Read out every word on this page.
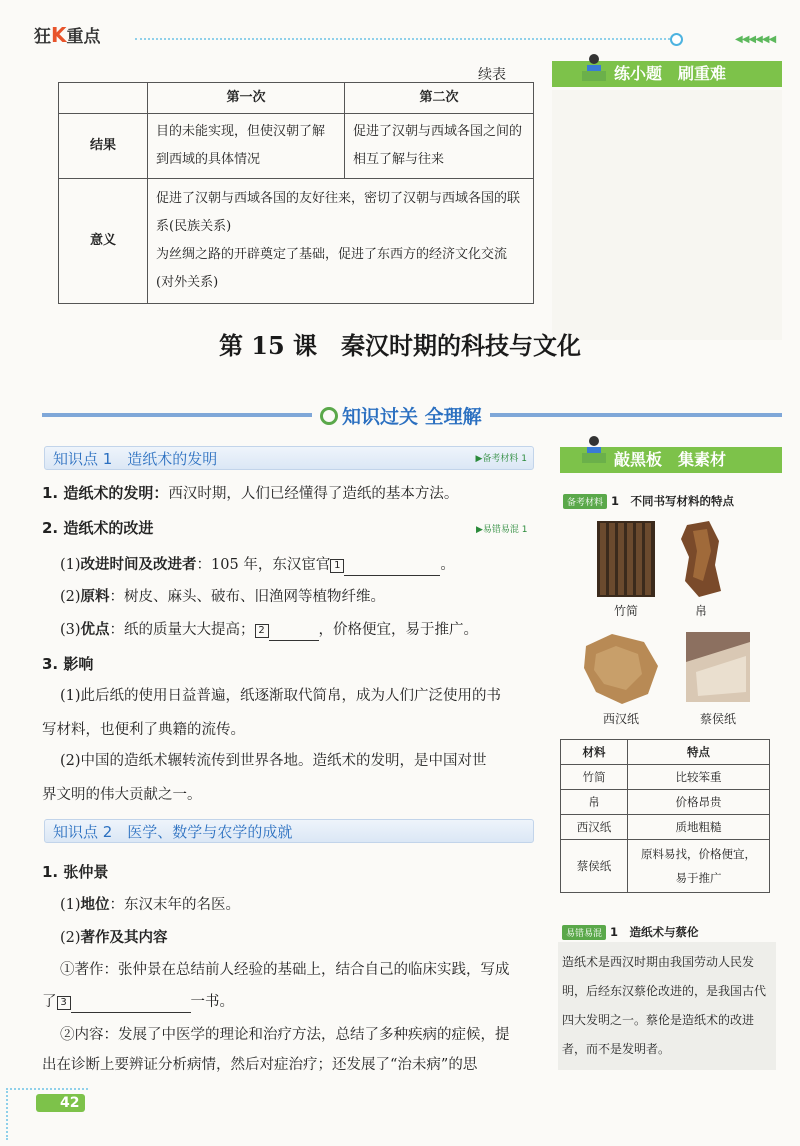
狂K重点	◀◀◀◀◀◀
续表
	第一次	第二次
结果	目的未能实现，但使汉朝了解到西域的具体情况	促进了汉朝与西域各国之间的相互了解与往来
意义	促进了汉朝与西域各国的友好往来，密切了汉朝与西域各国的联系(民族关系)
为丝绸之路的开辟奠定了基础，促进了东西方的经济文化交流(对外关系)	
练小题　刷重难
第 15 课　秦汉时期的科技与文化
知识过关 全理解
知识点 1　造纸术的发明	▶备考材料 1
1. 造纸术的发明：西汉时期，人们已经懂得了造纸的基本方法。
2. 造纸术的改进	▶易错易混 1
(1)改进时间及改进者：105 年，东汉宦官 1	。
(2)原料：树皮、麻头、破布、旧渔网等植物纤维。
(3)优点：纸的质量大大提高； 2	，价格便宜，易于推广。
3. 影响
(1)此后纸的使用日益普遍，纸逐渐取代简帛，成为人们广泛使用的书
写材料，也便利了典籍的流传。
(2)中国的造纸术辗转流传到世界各地。造纸术的发明，是中国对世
界文明的伟大贡献之一。
知识点 2　医学、数学与农学的成就
1. 张仲景
(1)地位：东汉末年的名医。
(2)著作及其内容
①著作：张仲景在总结前人经验的基础上，结合自己的临床实践，写成
了 3	一书。
②内容：发展了中医学的理论和治疗方法，总结了多种疾病的症候，提
出在诊断上要辨证分析病情，然后对症治疗；还发展了“治未病”的思
敲黑板　集素材
备考材料 1　不同书写材料的特点
竹简	帛
西汉纸	蔡侯纸
材料	特点
竹简	比较笨重
帛	价格昂贵
西汉纸	质地粗糙
蔡侯纸	原料易找，价格便宜，
易于推广
易错易混 1　造纸术与蔡伦
造纸术是西汉时期由我国劳动人民发
明，后经东汉蔡伦改进的，是我国古代
四大发明之一。蔡伦是造纸术的改进
者，而不是发明者。
42
